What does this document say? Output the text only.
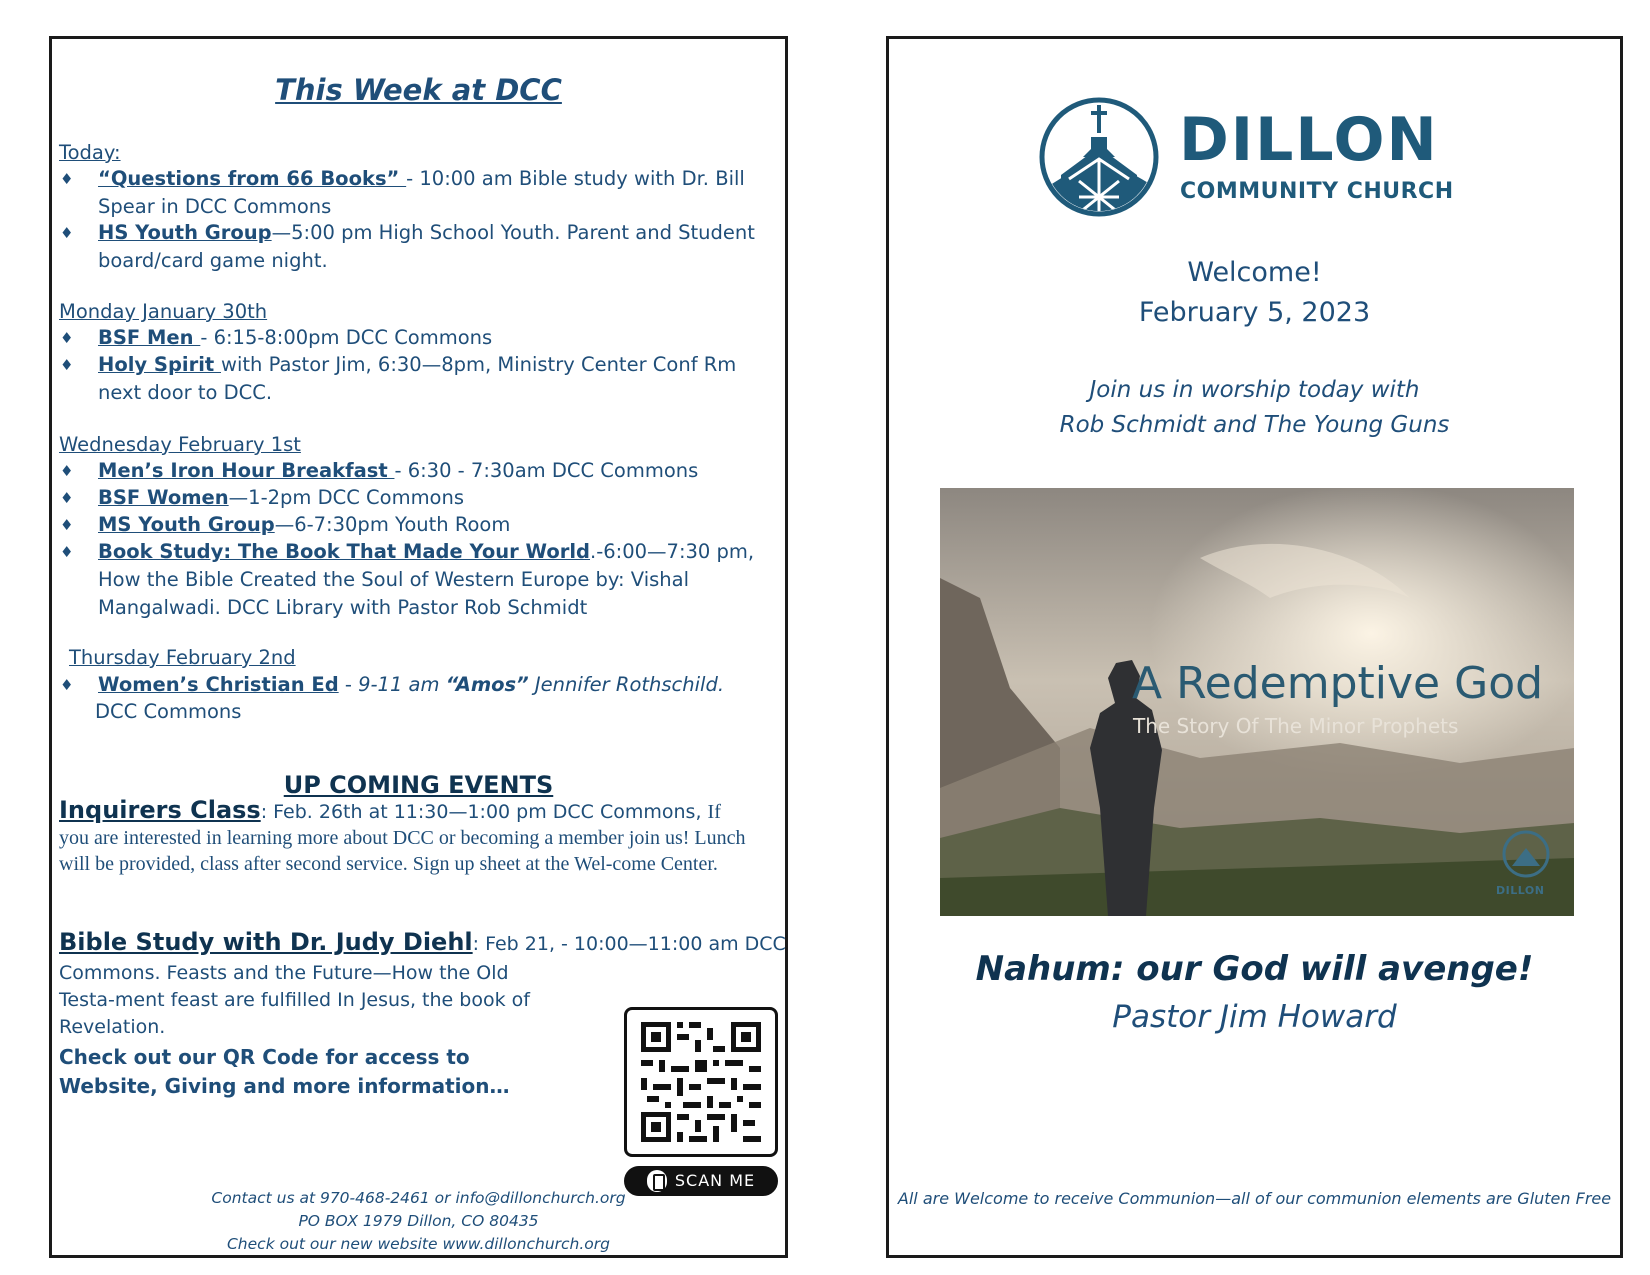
This Week at DCC
Today:
♦ “Questions from 66 Books” - 10:00 am Bible study with Dr. Bill Spear in DCC Commons
♦ HS Youth Group—5:00 pm High School Youth. Parent and Student board/card game night.
Monday January 30th
♦ BSF Men - 6:15-8:00pm DCC Commons
♦ Holy Spirit with Pastor Jim, 6:30—8pm, Ministry Center Conf Rm next door to DCC.
Wednesday February 1st
♦ Men’s Iron Hour Breakfast - 6:30 - 7:30am DCC Commons
♦ BSF Women—1-2pm DCC Commons
♦ MS Youth Group—6-7:30pm Youth Room
♦ Book Study: The Book That Made Your World.-6:00—7:30 pm, How the Bible Created the Soul of Western Europe by: Vishal Mangalwadi. DCC Library with Pastor Rob Schmidt
Thursday February 2nd
♦ Women’s Christian Ed - 9-11 am “Amos” Jennifer Rothschild.
DCC Commons
UP COMING EVENTS
Inquirers Class: Feb. 26th at 11:30—1:00 pm DCC Commons, If you are interested in learning more about DCC or becoming a member join us! Lunch will be provided, class after second service. Sign up sheet at the Wel-come Center.
Bible Study with Dr. Judy Diehl: Feb 21, - 10:00—11:00 am DCC
Commons. Feasts and the Future—How the Old Testa-ment feast are fulfilled In Jesus, the book of Revelation.
Check out our QR Code for access to Website, Giving and more information…
SCAN ME
Contact us at 970-468-2461 or info@dillonchurch.org
PO BOX 1979 Dillon, CO 80435
Check out our new website www.dillonchurch.org
DILLON
COMMUNITY CHURCH
Welcome!
February 5, 2023
Join us in worship today with
Rob Schmidt and The Young Guns
A Redemptive God
The Story Of The Minor Prophets
DILLON
Nahum: our God will avenge!
Pastor Jim Howard
All are Welcome to receive Communion—all of our communion elements are Gluten Free
